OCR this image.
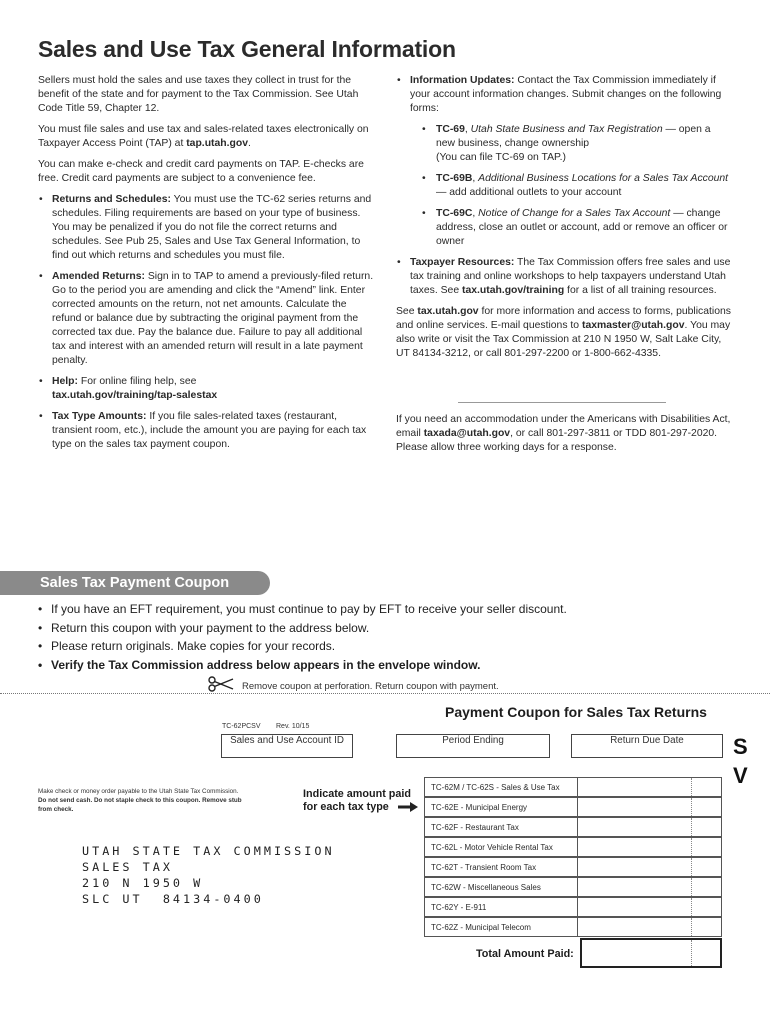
Sales and Use Tax General Information

Sellers must hold the sales and use taxes they collect in trust for the benefit of the state and for payment to the Tax Commission. See Utah Code Title 59, Chapter 12.

You must file sales and use tax and sales-related taxes electronically on Taxpayer Access Point (TAP) at tap.utah.gov.

You can make e-check and credit card payments on TAP. E-checks are free. Credit card payments are subject to a convenience fee.

• Returns and Schedules: You must use the TC-62 series returns and schedules. Filing requirements are based on your type of business. You may be penalized if you do not file the correct returns and schedules. See Pub 25, Sales and Use Tax General Information, to find out which returns and schedules you must file.
• Amended Returns: Sign in to TAP to amend a previously-filed return. Go to the period you are amending and click the “Amend” link. Enter corrected amounts on the return, not net amounts. Calculate the refund or balance due by subtracting the original payment from the corrected tax due. Pay the balance due. Failure to pay all additional tax and interest with an amended return will result in a late payment penalty.
• Help: For online filing help, see
tax.utah.gov/training/tap-salestax
• Tax Type Amounts: If you file sales-related taxes (restaurant, transient room, etc.), include the amount you are paying for each tax type on the sales tax payment coupon.
• Information Updates: Contact the Tax Commission immediately if your account information changes. Submit changes on the following forms:
• TC-69, Utah State Business and Tax Registration — open a new business, change ownership
(You can file TC-69 on TAP.)
• TC-69B, Additional Business Locations for a Sales Tax Account — add additional outlets to your account
• TC-69C, Notice of Change for a Sales Tax Account — change address, close an outlet or account, add or remove an officer or owner
• Taxpayer Resources: The Tax Commission offers free sales and use tax training and online workshops to help taxpayers understand Utah taxes. See tax.utah.gov/training for a list of all training resources.

See tax.utah.gov for more information and access to forms, publications and online services. E-mail questions to taxmaster@utah.gov. You may also write or visit the Tax Commission at 210 N 1950 W, Salt Lake City, UT 84134-3212, or call 801-297-2200 or 1-800-662-4335.

If you need an accommodation under the Americans with Disabilities Act, email taxada@utah.gov, or call 801-297-3811 or TDD 801-297-2020. Please allow three working days for a response.

Sales Tax Payment Coupon
• If you have an EFT requirement, you must continue to pay by EFT to receive your seller discount.
• Return this coupon with your payment to the address below.
• Please return originals. Make copies for your records.
• Verify the Tax Commission address below appears in the envelope window.
Remove coupon at perforation. Return coupon with payment.
Payment Coupon for Sales Tax Returns
TC-62PCSV Rev. 10/15
Sales and Use Account ID	Period Ending	Return Due Date	S
V
Make check or money order payable to the Utah State Tax Commission. Do not send cash. Do not staple check to this coupon. Remove stub from check.
Indicate amount paid
for each tax type
TC-62M / TC-62S - Sales & Use Tax
TC-62E - Municipal Energy
TC-62F - Restaurant Tax
TC-62L - Motor Vehicle Rental Tax
TC-62T - Transient Room Tax
TC-62W - Miscellaneous Sales
TC-62Y - E-911
TC-62Z - Municipal Telecom
UTAH STATE TAX COMMISSION
SALES TAX
210 N 1950 W
SLC UT  84134-0400
Total Amount Paid:
